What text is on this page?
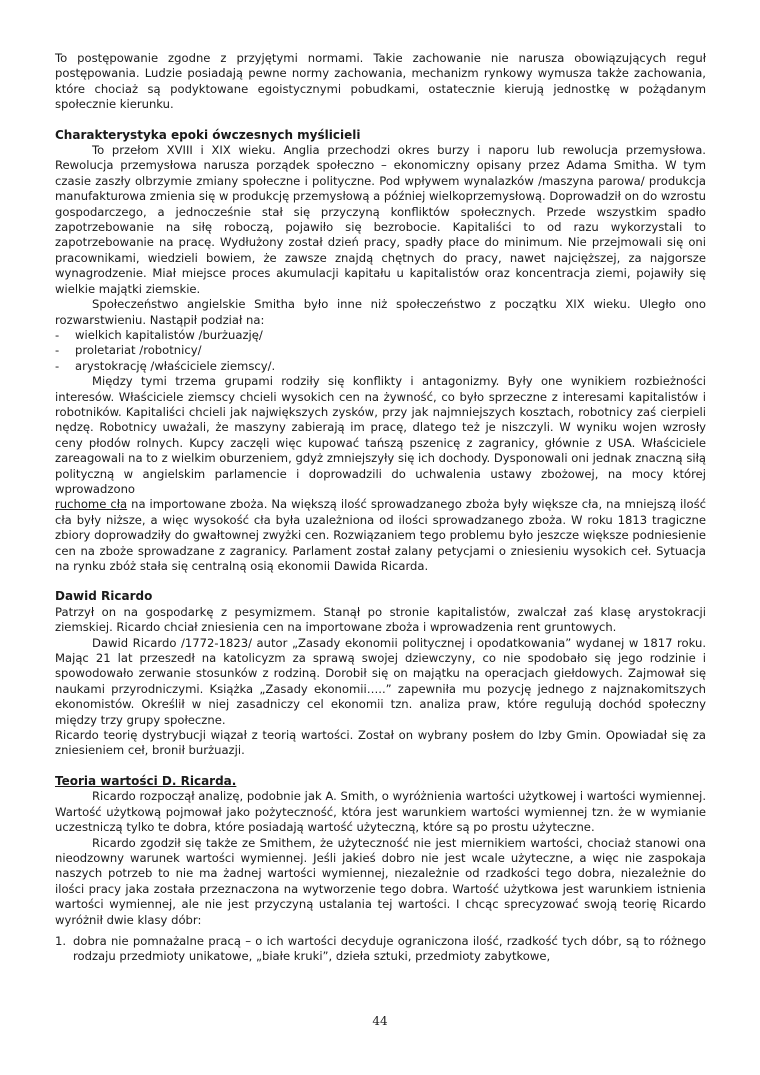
To postępowanie zgodne z przyjętymi normami. Takie zachowanie nie narusza obowiązujących reguł postępowania. Ludzie posiadają pewne normy zachowania, mechanizm rynkowy wymusza także zachowania, które chociaż są podyktowane egoistycznymi pobudkami, ostatecznie kierują jednostkę w pożądanym społecznie kierunku.

Charakterystyka epoki ówczesnych myślicieli

To przełom XVIII i XIX wieku. Anglia przechodzi okres burzy i naporu lub rewolucja przemysłowa. Rewolucja przemysłowa narusza porządek społeczno – ekonomiczny opisany przez Adama Smitha. W tym czasie zaszły olbrzymie zmiany społeczne i polityczne. Pod wpływem wynalazków /maszyna parowa/ produkcja manufakturowa zmienia się w produkcję przemysłową a później wielkoprzemysłową. Doprowadził on do wzrostu gospodarczego, a jednocześnie stał się przyczyną konfliktów społecznych. Przede wszystkim spadło zapotrzebowanie na siłę roboczą, pojawiło się bezrobocie. Kapitaliści to od razu wykorzystali to zapotrzebowanie na pracę. Wydłużony został dzień pracy, spadły płace do minimum. Nie przejmowali się oni pracownikami, wiedzieli bowiem, że zawsze znajdą chętnych do pracy, nawet najcięższej, za najgorsze wynagrodzenie. Miał miejsce proces akumulacji kapitału u kapitalistów oraz koncentracja ziemi, pojawiły się wielkie majątki ziemskie.

Społeczeństwo angielskie Smitha było inne niż społeczeństwo z początku XIX wieku. Uległo ono rozwarstwieniu. Nastąpił podział na:

- wielkich kapitalistów /burżuazję/
- proletariat /robotnicy/
- arystokrację /właściciele ziemscy/.

Między tymi trzema grupami rodziły się konflikty i antagonizmy. Były one wynikiem rozbieżności interesów. Właściciele ziemscy chcieli wysokich cen na żywność, co było sprzeczne z interesami kapitalistów i robotników. Kapitaliści chcieli jak największych zysków, przy jak najmniejszych kosztach, robotnicy zaś cierpieli nędzę. Robotnicy uważali, że maszyny zabierają im pracę, dlatego też je niszczyli. W wyniku wojen wzrosły ceny płodów rolnych. Kupcy zaczęli więc kupować tańszą pszenicę z zagranicy, głównie z USA. Właściciele zareagowali na to z wielkim oburzeniem, gdyż zmniejszyły się ich dochody. Dysponowali oni jednak znaczną siłą polityczną w angielskim parlamencie i doprowadzili do uchwalenia ustawy zbożowej, na mocy której wprowadzono
ruchome cła na importowane zboża. Na większą ilość sprowadzanego zboża były większe cła, na mniejszą ilość cła były niższe, a więc wysokość cła była uzależniona od ilości sprowadzanego zboża. W roku 1813 tragiczne zbiory doprowadziły do gwałtownej zwyżki cen. Rozwiązaniem tego problemu było jeszcze większe podniesienie cen na zboże sprowadzane z zagranicy. Parlament został zalany petycjami o zniesieniu wysokich ceł. Sytuacja na rynku zbóż stała się centralną osią ekonomii Dawida Ricarda.

Dawid Ricardo

Patrzył on na gospodarkę z pesymizmem. Stanął po stronie kapitalistów, zwalczał zaś klasę arystokracji ziemskiej. Ricardo chciał zniesienia cen na importowane zboża i wprowadzenia rent gruntowych.

Dawid Ricardo /1772-1823/ autor „Zasady ekonomii politycznej i opodatkowania” wydanej w 1817 roku. Mając 21 lat przeszedł na katolicyzm za sprawą swojej dziewczyny, co nie spodobało się jego rodzinie i spowodowało zerwanie stosunków z rodziną. Dorobił się on majątku na operacjach giełdowych. Zajmował się naukami przyrodniczymi. Książka „Zasady ekonomii…..” zapewniła mu pozycję jednego z najznakomitszych ekonomistów. Określił w niej zasadniczy cel ekonomii tzn. analiza praw, które regulują dochód społeczny między trzy grupy społeczne.

Ricardo teorię dystrybucji wiązał z teorią wartości. Został on wybrany posłem do Izby Gmin. Opowiadał się za zniesieniem ceł, bronił burżuazji.

Teoria wartości D. Ricarda.

Ricardo rozpoczął analizę, podobnie jak A. Smith, o wyróżnienia wartości użytkowej i wartości wymiennej. Wartość użytkową pojmował jako pożyteczność, która jest warunkiem wartości wymiennej tzn. że w wymianie uczestniczą tylko te dobra, które posiadają wartość użyteczną, które są po prostu użyteczne.

Ricardo zgodził się także ze Smithem, że użyteczność nie jest miernikiem wartości, chociaż stanowi ona nieodzowny warunek wartości wymiennej. Jeśli jakieś dobro nie jest wcale użyteczne, a więc nie zaspokaja naszych potrzeb to nie ma żadnej wartości wymiennej, niezależnie od rzadkości tego dobra, niezależnie do ilości pracy jaka została przeznaczona na wytworzenie tego dobra. Wartość użytkowa jest warunkiem istnienia wartości wymiennej, ale nie jest przyczyną ustalania tej wartości. I chcąc sprecyzować swoją teorię Ricardo wyróżnił dwie klasy dóbr:

1. dobra nie pomnażalne pracą – o ich wartości decyduje ograniczona ilość, rzadkość tych dóbr, są to różnego rodzaju przedmioty unikatowe, „białe kruki”, dzieła sztuki, przedmioty zabytkowe,
44
